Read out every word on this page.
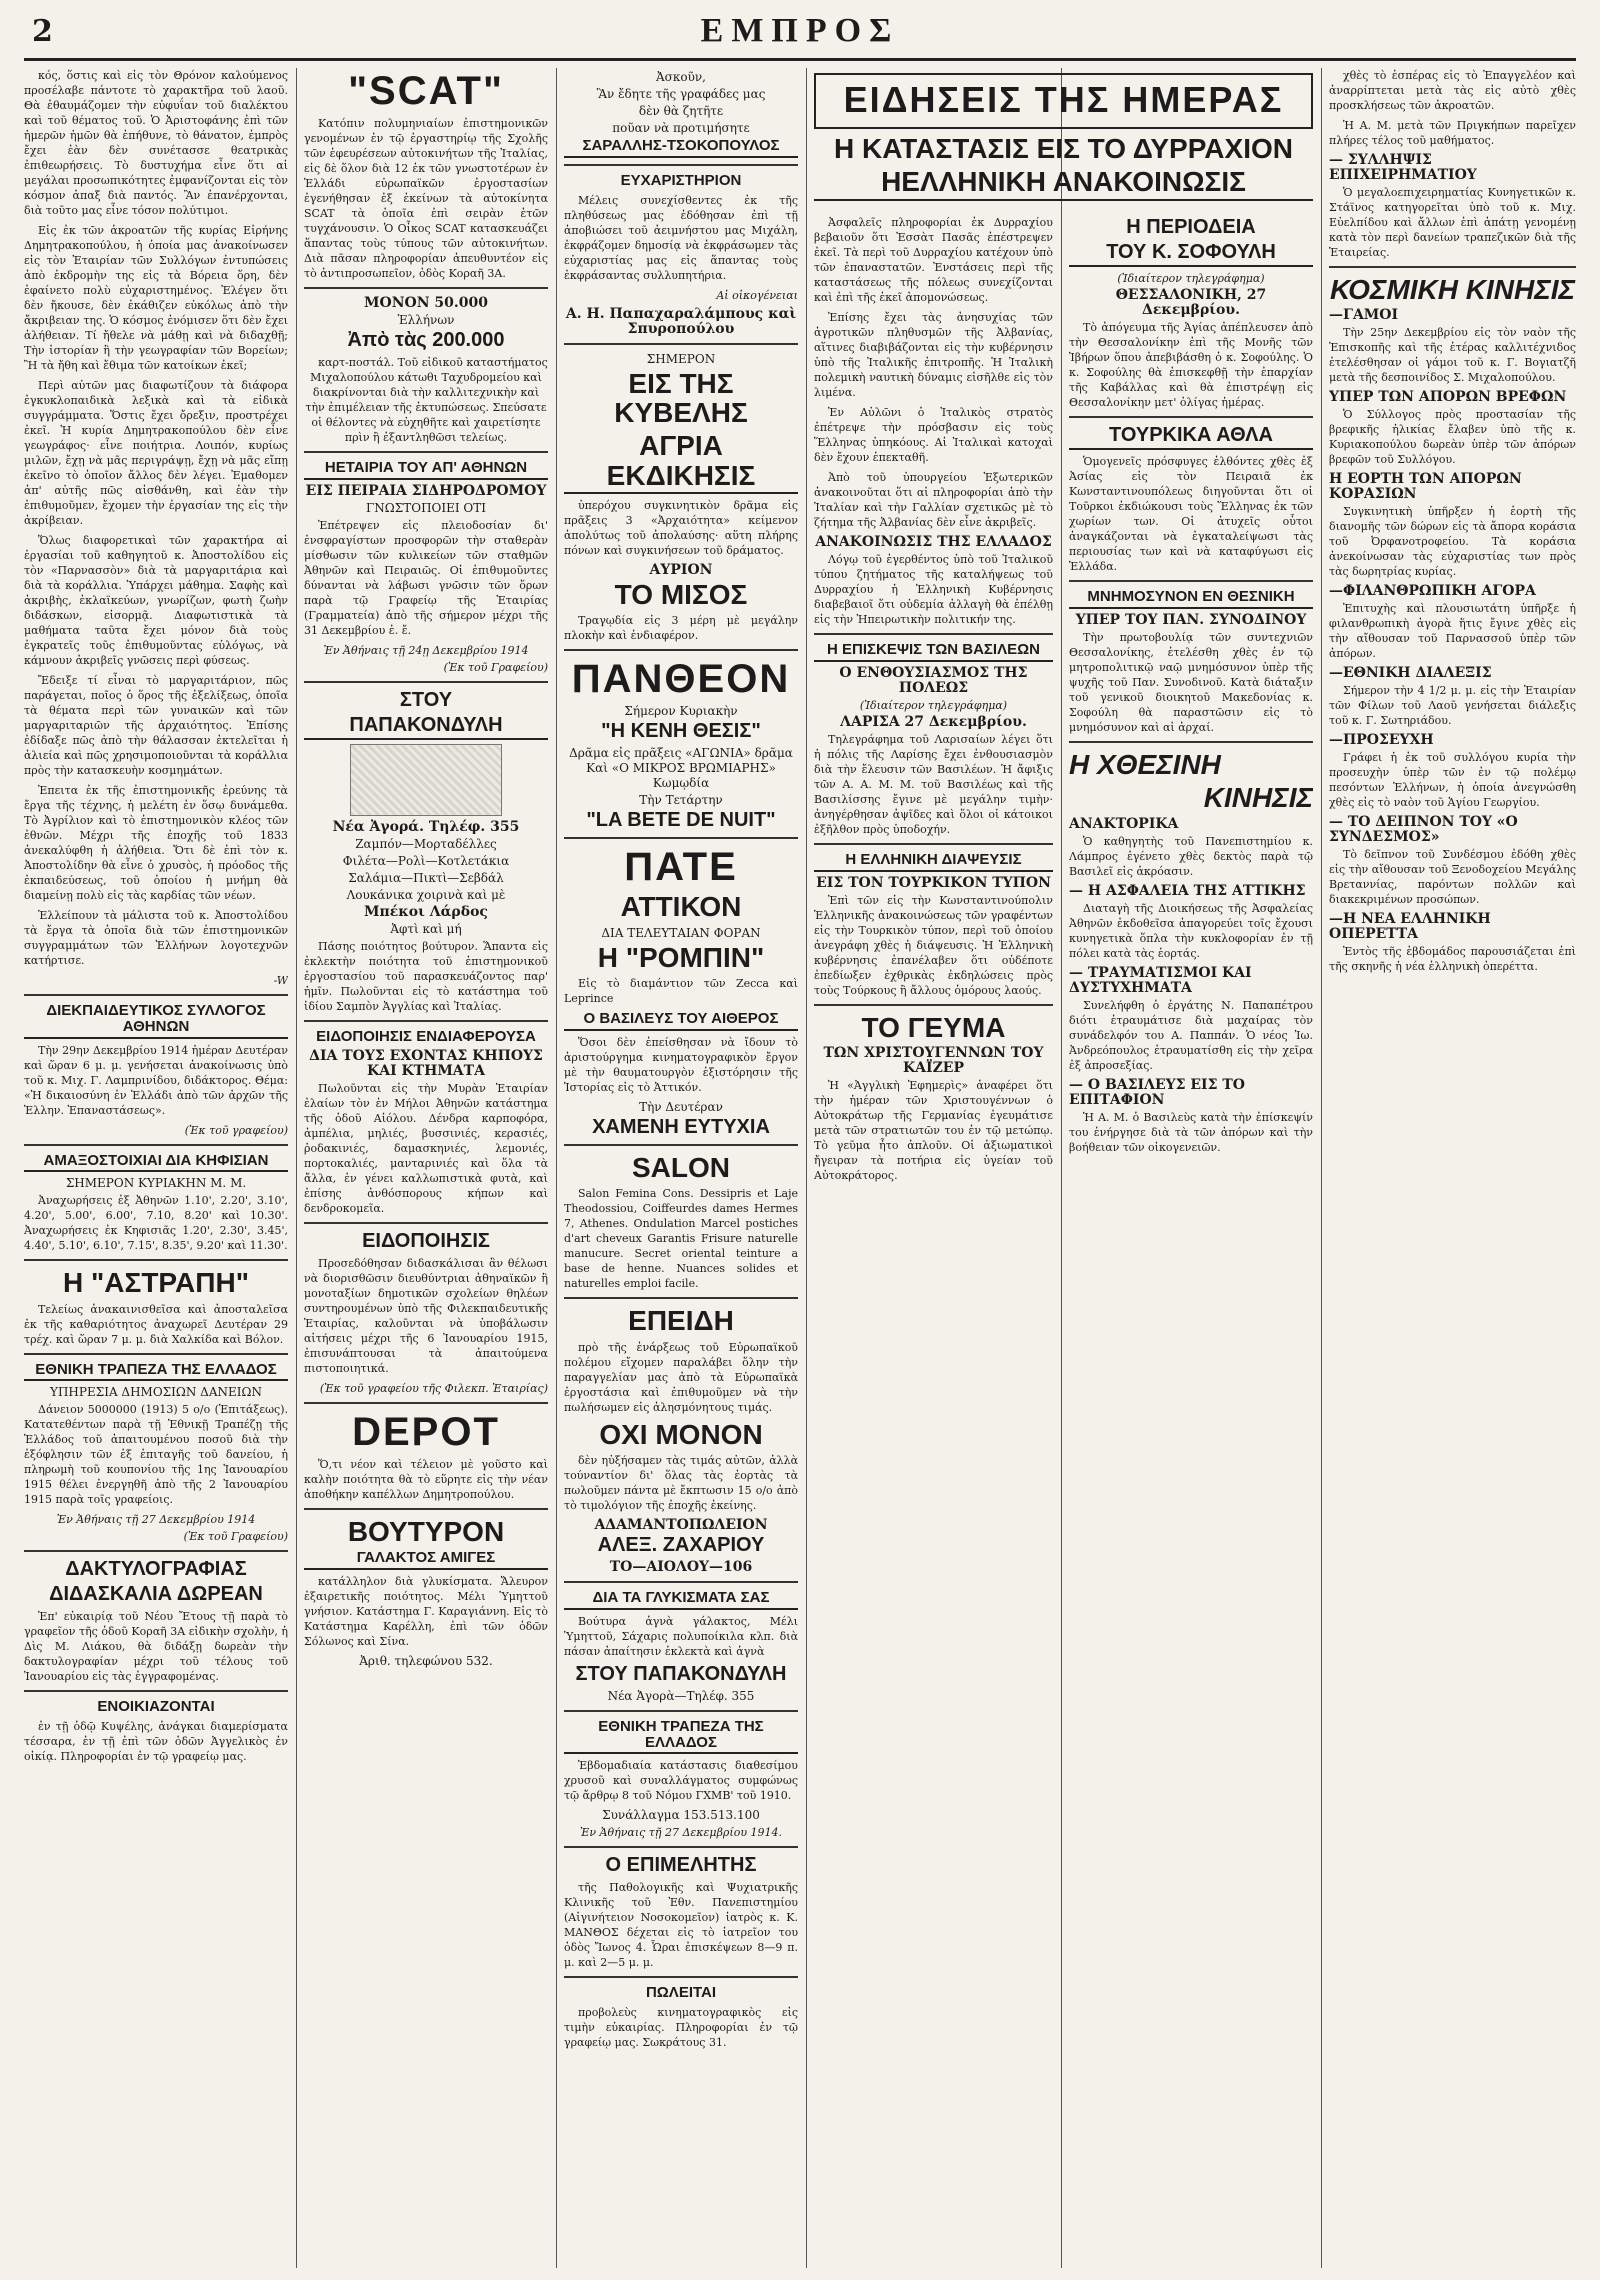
2	ΕΜΠΡΟΣ

κός, ὅστις καὶ εἰς τὸν Θρόνον καλούμενος προσέλαβε πάντοτε τὸ χαρακτῆρα τοῦ λαοῦ. Θὰ ἐθαυμάζομεν τὴν εὐφυΐαν τοῦ διαλέκτου καὶ τοῦ θέματος τοῦ. Ὁ Ἀριστοφάνης ἐπὶ τῶν ἡμερῶν ἡμῶν θὰ ἐπήθυνε, τὸ θάνατον, ἐμπρὸς ἔχει ἐὰν δὲν συνέτασσε θεατρικὰς ἐπιθεωρήσεις. Τὸ δυστυχήμα εἶνε ὅτι αἱ μεγάλαι προσωπικότητες ἐμφανίζονται εἰς τὸν κόσμον ἀπαξ διὰ παντός. Ἂν ἐπανέρχονται, διὰ τοῦτο μας εἶνε τόσον πολύτιμοι.

Εἰς ἐκ τῶν ἀκροατῶν τῆς κυρίας Εἰρήνης Δημητρακοπούλου, ἡ ὁποία μας ἀνακοίνωσεν εἰς τὸν Ἑταιρίαν τῶν Συλλόγων ἐντυπώσεις ἀπὸ ἐκδρομὴν της εἰς τὰ Βόρεια ὅρη, δὲν ἐφαίνετο πολὺ εὐχαριστημένος. Ἐλέγεν ὅτι δὲν ἤκουσε, δὲν ἐκάθιζεν εὐκόλως ἀπὸ τὴν ἄκριβειαν της. Ὁ κόσμος ἐνόμισεν ὅτι δὲν ἔχει ἀλήθειαν. Τί ἤθελε νὰ μάθῃ καὶ νὰ διδαχθῇ; Τὴν ἱστορίαν ἢ τὴν γεωγραφίαν τῶν Βορείων; Ἢ τὰ ἤθη καὶ ἔθιμα τῶν κατοίκων ἐκεῖ;

Περὶ αὐτῶν μας διαφωτίζουν τὰ διάφορα ἐγκυκλοπαιδικὰ λεξικὰ καὶ τὰ εἰδικὰ συγγράμματα. Ὅστις ἔχει ὄρεξιν, προστρέχει ἐκεῖ. Ἡ κυρία Δημητρακοπούλου δὲν εἶνε γεωγράφος· εἶνε ποιήτρια. Λοιπόν, κυρίως μιλῶν, ἔχῃ νὰ μᾶς περιγράψῃ, ἔχῃ νὰ μᾶς εἴπῃ ἐκεῖνο τὸ ὁποῖον ἄλλος δὲν λέγει. Ἐμαθομεν ἀπ' αὐτῆς πῶς αἰσθάνθη, καὶ ἐὰν τὴν ἐπιθυμοῦμεν, ἔχομεν τὴν ἐργασίαν της εἰς τὴν ἀκρίβειαν.

Ὅλως διαφορετικαὶ τῶν χαρακτήρα αἱ ἐργασίαι τοῦ καθηγητοῦ κ. Ἀποστολίδου εἰς τὸν «Παρνασσὸν» διὰ τὰ μαργαριτάρια καὶ διὰ τὰ κοράλλια. Ὑπάρχει μάθημα. Σαφὴς καὶ ἀκριβὴς, ἐκλαϊκεύων, γνωρίζων, φωτὴ ζωὴν διδάσκων, εἰσορμᾷ. Διαφωτιστικὰ τὰ μαθήματα ταῦτα ἔχει μόνον διὰ τοὺς ἐγκρατεῖς τοῦς ἐπιθυμοῦντας εὐλόγως, νὰ κάμνουν ἀκριβεῖς γνῶσεις περὶ φύσεως.

Ἔδειξε τί εἶναι τὸ μαργαριτάριον, πῶς παράγεται, ποῖος ὁ ὅρος τῆς ἐξελίξεως, ὁποῖα τὰ θέματα περὶ τῶν γυναικῶν καὶ τῶν μαργαριταριῶν τῆς ἀρχαιότητος. Ἐπίσης ἐδίδαξε πῶς ἀπὸ τὴν θάλασσαν ἐκτελεῖται ἡ ἀλιεία καὶ πῶς χρησιμοποιοῦνται τὰ κοράλλια πρὸς τὴν κατασκευὴν κοσμημάτων.

Ἐπειτα ἐκ τῆς ἐπιστημονικῆς ἐρεύνης τὰ ἔργα τῆς τέχνης, ἡ μελέτη ἐν ὅσῳ δυνάμεθα. Τὸ Ἀγρίλιον καὶ τὸ ἐπιστημονικὸν κλέος τῶν ἐθνῶν. Μέχρι τῆς ἐποχῆς τοῦ 1833 ἀνεκαλύφθη ἡ ἀλήθεια. Ὅτι δὲ ἐπὶ τὸν κ. Ἀποστολίδην θὰ εἶνε ὁ χρυσὸς, ἡ πρόοδος τῆς ἐκπαιδεύσεως, τοῦ ὁποίου ἡ μνήμη θὰ διαμείνῃ πολὺ εἰς τὰς καρδίας τῶν νέων.

Ἐλλείπουν τὰ μάλιστα τοῦ κ. Ἀποστολίδου τὰ ἔργα τὰ ὁποῖα διὰ τῶν ἐπιστημονικῶν συγγραμμάτων τῶν Ἑλλήνων λογοτεχνῶν κατήρτισε.

-W
ΔΙΕΚΠΑΙΔΕΥΤΙΚΟΣ ΣΥΛΛΟΓΟΣ ΑΘΗΝΩΝ

Τὴν 29ην Δεκεμβρίου 1914 ἡμέραν Δευτέραν καὶ ὥραν 6 μ. μ. γενήσεται ἀνακοίνωσις ὑπὸ τοῦ κ. Μιχ. Γ. Λαμπρινίδου, διδάκτορος. Θέμα: «Ἡ δικαιοσύνη ἐν Ἑλλάδι ἀπὸ τῶν ἀρχῶν τῆς Ἑλλην. Ἐπαναστάσεως».

(Ἐκ τοῦ γραφείου)
ΑΜΑΞΟΣΤΟΙΧΙΑΙ ΔΙΑ ΚΗΦΙΣΙΑΝ
ΣΗΜΕΡΟΝ ΚΥΡΙΑΚΗΝ Μ. Μ.

Ἀναχωρήσεις ἐξ Ἀθηνῶν 1.10', 2.20', 3.10', 4.20', 5.00', 6.00', 7.10, 8.20' καὶ 10.30'. Ἀναχωρήσεις ἐκ Κηφισιᾶς 1.20', 2.30', 3.45', 4.40', 5.10', 6.10', 7.15', 8.35', 9.20' καὶ 11.30'.

Η "ΑΣΤΡΑΠΗ"

Τελείως ἀνακαινισθεῖσα καὶ ἀποσταλεῖσα ἐκ τῆς καθαριότητος ἀναχωρεῖ Δευτέραν 29 τρέχ. καὶ ὥραν 7 μ. μ. διὰ Χαλκίδα καὶ Βόλον.

ΕΘΝΙΚΗ ΤΡΑΠΕΖΑ ΤΗΣ ΕΛΛΑΔΟΣ
ΥΠΗΡΕΣΙΑ ΔΗΜΟΣΙΩΝ ΔΑΝΕΙΩΝ

Δάνειον 5000000 (1913) 5 ο/ο (Ἐπιτάξεως). Κατατεθέντων παρὰ τῇ Ἐθνικῇ Τραπέζῃ τῆς Ἑλλάδος τοῦ ἀπαιτουμένου ποσοῦ διὰ τὴν ἐξόφλησιν τῶν ἐξ ἐπιταγῆς τοῦ δανείου, ἡ πληρωμὴ τοῦ κουπονίου τῆς 1ης Ἰανουαρίου 1915 θέλει ἐνεργηθῆ ἀπὸ τῆς 2 Ἰανουαρίου 1915 παρὰ τοῖς γραφείοις.

Ἐν Ἀθήναις τῇ 27 Δεκεμβρίου 1914
(Ἐκ τοῦ Γραφείου)
ΔΑΚΤΥΛΟΓΡΑΦΙΑΣ
ΔΙΔΑΣΚΑΛΙΑ ΔΩΡΕΑΝ

Ἐπ' εὐκαιρίᾳ τοῦ Νέου Ἔτους τῇ παρὰ τὸ γραφεῖον τῆς ὁδοῦ Κοραῆ 3Α εἰδικὴν σχολὴν, ἡ Δὶς Μ. Λιάκου, θὰ διδάξῃ δωρεὰν τὴν δακτυλογραφίαν μέχρι τοῦ τέλους τοῦ Ἰανουαρίου εἰς τὰς ἐγγραφομένας.

ΕΝΟΙΚΙΑΖΟΝΤΑΙ

ἐν τῇ ὁδῷ Κυψέλης, ἀνάγκαι διαμερίσματα τέσσαρα, ἐν τῇ ἐπὶ τῶν ὁδῶν Ἀγγελικὸς ἐν οἰκίᾳ. Πληροφορίαι ἐν τῷ γραφείῳ μας.

"SCAT"

Κατόπιν πολυμηνιαίων ἐπιστημονικῶν γενομένων ἐν τῷ ἐργαστηρίῳ τῆς Σχολῆς τῶν ἐφευρέσεων αὐτοκινήτων τῆς Ἰταλίας, εἰς δὲ ὅλον διὰ 12 ἐκ τῶν γνωστοτέρων ἐν Ἑλλάδι εὐρωπαϊκῶν ἐργοστασίων ἐγενήθησαν ἐξ ἐκείνων τὰ αὐτοκίνητα SCAT τὰ ὁποῖα ἐπὶ σειρὰν ἐτῶν τυγχάνουσιν. Ὁ Οἶκος SCAT κατασκευάζει ἅπαντας τοὺς τύπους τῶν αὐτοκινήτων. Διὰ πᾶσαν πληροφορίαν ἀπευθυντέον εἰς τὸ ἀντιπροσωπεῖον, ὁδὸς Κοραῆ 3Α.

ΜΟΝΟΝ 50.000
Ἑλλήνων
Ἀπὸ τὰς 200.000

καρτ-ποστάλ. Τοῦ εἰδικοῦ καταστήματος Μιχαλοπούλου κάτωθι Ταχυδρομείου καὶ διακρίνονται διὰ τὴν καλλιτεχνικὴν καὶ τὴν ἐπιμέλειαν τῆς ἐκτυπώσεως. Σπεύσατε οἱ θέλοντες νὰ εὐχηθῆτε καὶ χαιρετίσητε πρὶν ἢ ἐξαντληθῶσι τελείως.

ΗΕΤΑΙΡΙΑ ΤΟΥ ΑΠ' ΑΘΗΝΩΝ
ΕΙΣ ΠΕΙΡΑΙΑ ΣΙΔΗΡΟΔΡΟΜΟΥ
ΓΝΩΣΤΟΠΟΙΕΙ ΟΤΙ

Ἐπέτρεψεν εἰς πλειοδοσίαν δι' ἐνσφραγίστων προσφορῶν τὴν σταθερὰν μίσθωσιν τῶν κυλικείων τῶν σταθμῶν Ἀθηνῶν καὶ Πειραιῶς. Οἱ ἐπιθυμοῦντες δύνανται νὰ λάβωσι γνῶσιν τῶν ὅρων παρὰ τῷ Γραφείῳ τῆς Ἑταιρίας (Γραμματεία) ἀπὸ τῆς σήμερον μέχρι τῆς 31 Δεκεμβρίου ἐ. ἔ.

Ἐν Ἀθήναις τῇ 24ῃ Δεκεμβρίου 1914
(Ἐκ τοῦ Γραφείου)
ΣΤΟΥ
ΠΑΠΑΚΟΝΔΥΛΗ
Νέα Ἀγορά. Τηλέφ. 355
Ζαμπόν—Μορταδέλλες
Φιλέτα—Ρολὶ—Κοτλετάκια
Σαλάμια—Πικτὶ—Σεβδάλ
Λουκάνικα χοιρινὰ καὶ μὲ
Μπέκοι Λάρδος
Ἀφτὶ καὶ μή

Πάσης ποιότητος βούτυρον. Ἅπαντα εἰς ἐκλεκτὴν ποιότητα τοῦ ἐπιστημονικοῦ ἐργοστασίου τοῦ παρασκευάζοντος παρ' ἡμῖν. Πωλοῦνται εἰς τὸ κατάστημα τοῦ ἰδίου Σαμπὸν Ἀγγλίας καὶ Ἰταλίας.

ΕΙΔΟΠΟΙΗΣΙΣ ΕΝΔΙΑΦΕΡΟΥΣΑ
ΔΙΑ ΤΟΥΣ ΕΧΟΝΤΑΣ ΚΗΠΟΥΣ ΚΑΙ ΚΤΗΜΑΤΑ

Πωλοῦνται εἰς τὴν Μυρὰν Ἐταιρίαν ἐλαίων τὸν ἐν Μήλοι Ἀθηνῶν κατάστημα τῆς ὁδοῦ Αἰόλου. Δένδρα καρποφόρα, ἀμπέλια, μηλιές, βυσσινιές, κερασιές, ῥοδακινιές, δαμασκηνιές, λεμονιές, πορτοκαλιές, μανταρινιές καὶ ὅλα τὰ ἄλλα, ἐν γένει καλλωπιστικὰ φυτὰ, καὶ ἐπίσης ἀνθόσπορους κήπων καὶ δενδροκομεῖα.

ΕΙΔΟΠΟΙΗΣΙΣ

Προσεδόθησαν διδασκάλισαι ἂν θέλωσι νὰ διορισθῶσιν διευθύντριαι ἀθηναϊκῶν ἢ μονοταξίων δημοτικῶν σχολείων θηλέων συντηρουμένων ὑπὸ τῆς Φιλεκπαιδευτικῆς Ἑταιρίας, καλοῦνται νὰ ὑποβάλωσιν αἰτήσεις μέχρι τῆς 6 Ἰανουαρίου 1915, ἐπισυνάπτουσαι τὰ ἀπαιτούμενα πιστοποιητικά.

(Ἐκ τοῦ γραφείου τῆς Φιλεκπ. Ἑταιρίας)
DEPOT

Ὅ,τι νέον καὶ τέλειον μὲ γοῦστο καὶ καλὴν ποιότητα θὰ τὸ εὕρητε εἰς τὴν νέαν ἀποθήκην καπέλλων Δημητροπούλου.

ΒΟΥΤΥΡΟΝ
ΓΑΛΑΚΤΟΣ ΑΜΙΓΕΣ

κατάλληλον διὰ γλυκίσματα. Ἄλευρον ἐξαιρετικῆς ποιότητος. Μέλι Ὑμηττοῦ γνήσιον. Κατάστημα Γ. Καραγιάννη. Εἰς τὸ Κατάστημα Καρέλλη, ἐπὶ τῶν ὁδῶν Σόλωνος καὶ Σίνα.

Ἀριθ. τηλεφώνου 532.
Ἀσκοῦν,
Ἂν ἔδητε τῆς γραφάδες μας
δὲν θὰ ζητῆτε
ποῦαν νὰ προτιμήσητε
ΣΑΡΑΛΛΗΣ-ΤΣΟΚΟΠΟΥΛΟΣ
ΕΥΧΑΡΙΣΤΗΡΙΟΝ

Μέλεις συνεχίσθεντες ἐκ τῆς πληθύσεως μας ἐδόθησαν ἐπὶ τῇ ἀποβιώσει τοῦ ἀειμνήστου μας Μιχάλη, ἐκφράζομεν δημοσίᾳ νὰ ἐκφράσωμεν τὰς εὐχαριστίας μας εἰς ἅπαντας τοὺς ἐκφράσαντας συλλυπητήρια.

Αἱ οἰκογένειαι
Α. Η. Παπαχαραλάμπους καὶ Σπυροπούλου
ΣΗΜΕΡΟΝ
ΕΙΣ ΤΗΣ ΚΥΒΕΛΗΣ
ΑΓΡΙΑ ΕΚΔΙΚΗΣΙΣ

ὑπερόχου συγκινητικὸν δρᾶμα εἰς πρᾶξεις 3 «Ἀρχαιότητα» κείμενον ἀπολύτως τοῦ ἀπολαύσης· αὕτη πλήρης πόνων καὶ συγκινήσεων τοῦ δράματος.

ΑΥΡΙΟΝ
ΤΟ ΜΙΣΟΣ

Τραγῳδία εἰς 3 μέρη μὲ μεγάλην πλοκὴν καὶ ἐνδιαφέρον.

ΠΑΝΘΕΟΝ
Σήμερον Κυριακὴν
"Η ΚΕΝΗ ΘΕΣΙΣ"

Δρᾶμα εἰς πρᾶξεις «ΑΓΩΝΙΑ» δρᾶμα Καὶ «Ο ΜΙΚΡΟΣ ΒΡΩΜΙΑΡΗΣ» Κωμῳδία

Τὴν Τετάρτην
"LA BETE DE NUIT"
ΠΑΤΕ
ΑΤΤΙΚΟΝ
ΔΙΑ ΤΕΛΕΥΤΑΙΑΝ ΦΟΡΑΝ
Η "ΡΟΜΠΙΝ"

Εἰς τὸ διαμάντιον τῶν Zecca καὶ Leprince

Ο ΒΑΣΙΛΕΥΣ ΤΟΥ ΑΙΘΕΡΟΣ

Ὅσοι δὲν ἐπείσθησαν νὰ ἴδουν τὸ ἀριστούργημα κινηματογραφικὸν ἔργον μὲ τὴν θαυματουργὸν ἐξιστόρησιν τῆς Ἱστορίας εἰς τὸ Ἀττικόν.

Τὴν Δευτέραν
ΧΑΜΕΝΗ ΕΥΤΥΧΙΑ
SALON

Salon Femina Cons. Dessipris et Laje Theodossiou, Coiffeurdes dames Hermes 7, Athenes. Ondulation Marcel postiches d'art cheveux Garantis Frisure naturelle manucure. Secret oriental teinture a base de henne. Nuances solides et naturelles emploi facile.

ΕΠΕΙΔΗ

πρὸ τῆς ἐνάρξεως τοῦ Εὐρωπαϊκοῦ πολέμου εἴχομεν παραλάβει ὅλην τὴν παραγγελίαν μας ἀπὸ τὰ Εὐρωπαϊκὰ ἐργοστάσια καὶ ἐπιθυμοῦμεν νὰ τὴν πωλήσωμεν εἰς ἀλησμόνητους τιμάς.

ΟΧΙ ΜΟΝΟΝ

δὲν ηὐξήσαμεν τὰς τιμάς αὐτῶν, ἀλλὰ τούναντίον δι' ὅλας τὰς ἐορτὰς τὰ πωλοῦμεν πάντα μὲ ἔκπτωσιν 15 ο/ο ἀπὸ τὸ τιμολόγιον τῆς ἐποχῆς ἐκείνης.

ΑΔΑΜΑΝΤΟΠΩΛΕΙΟΝ
ΑΛΕΞ. ΖΑΧΑΡΙΟΥ
ΤΟ—ΑΙΟΛΟΥ—106
ΔΙΑ ΤΑ ΓΛΥΚΙΣΜΑΤΑ ΣΑΣ

Βούτυρα ἁγνὰ γάλακτος, Μέλι Ὑμηττοῦ, Σάχαρις πολυποίκιλα κλπ. διὰ πάσαν ἀπαίτησιν ἐκλεκτὰ καὶ ἁγνὰ

ΣΤΟΥ ΠΑΠΑΚΟΝΔΥΛΗ
Νέα Ἀγορὰ—Τηλέφ. 355
ΕΘΝΙΚΗ ΤΡΑΠΕΖΑ ΤΗΣ ΕΛΛΑΔΟΣ

Ἑβδομαδιαία κατάστασις διαθεσίμου χρυσοῦ καὶ συναλλάγματος συμφώνως τῷ ἄρθρῳ 8 τοῦ Νόμου ΓΧΜΒ' τοῦ 1910.

Συνάλλαγμα 153.513.100
Ἐν Ἀθήναις τῇ 27 Δεκεμβρίου 1914.
Ο ΕΠΙΜΕΛΗΤΗΣ

τῆς Παθολογικῆς καὶ Ψυχιατρικῆς Κλινικῆς τοῦ Ἐθν. Πανεπιστημίου (Αἰγινήτειον Νοσοκομεῖον) ἰατρὸς κ. Κ. ΜΑΝΘΟΣ δέχεται εἰς τὸ ἰατρεῖον του ὁδὸς Ἴωνος 4. Ὧραι ἐπισκέψεων 8—9 π. μ. καὶ 2—5 μ. μ.

ΠΩΛΕΙΤΑΙ

προβολεὺς κινηματογραφικὸς εἰς τιμὴν εὐκαιρίας. Πληροφορίαι ἐν τῷ γραφείῳ μας. Σωκράτους 31.

ΕΙΔΗΣΕΙΣ ΤΗΣ ΗΜΕΡΑΣ
Η ΚΑΤΑΣΤΑΣΙΣ ΕΙΣ ΤΟ ΔΥΡΡΑΧΙΟΝ
ΗΕΛΛΗΝΙΚΗ ΑΝΑΚΟΙΝΩΣΙΣ

Ἀσφαλεῖς πληροφορίαι ἐκ Δυρραχίου βεβαιοῦν ὅτι Ἐσσὰτ Πασᾶς ἐπέστρεψεν ἐκεῖ. Τὰ περὶ τοῦ Δυρραχίου κατέχουν ὑπὸ τῶν ἐπαναστατῶν. Ἐνστάσεις περὶ τῆς καταστάσεως τῆς πόλεως συνεχίζονται καὶ ἐπὶ τῆς ἐκεῖ ἀπομονώσεως.

Ἐπίσης ἔχει τὰς ἀνησυχίας τῶν ἀγροτικῶν πληθυσμῶν τῆς Ἀλβανίας, αἵτινες διαβιβάζονται εἰς τὴν κυβέρνησιν ὑπὸ τῆς Ἰταλικῆς ἐπιτροπῆς. Ἡ Ἰταλικὴ πολεμικὴ ναυτικὴ δύναμις εἰσῆλθε εἰς τὸν λιμένα.

Ἐν Αὐλῶνι ὁ Ἰταλικὸς στρατὸς ἐπέτρεψε τὴν πρόσβασιν εἰς τοὺς Ἕλληνας ὑπηκόους. Αἱ Ἰταλικαὶ κατοχαὶ δὲν ἔχουν ἐπεκταθῆ.

Ἀπὸ τοῦ ὑπουργείου Ἐξωτερικῶν ἀνακοινοῦται ὅτι αἱ πληροφορίαι ἀπὸ τὴν Ἰταλίαν καὶ τὴν Γαλλίαν σχετικῶς μὲ τὸ ζήτημα τῆς Ἀλβανίας δὲν εἶνε ἀκριβεῖς.

ΑΝΑΚΟΙΝΩΣΙΣ ΤΗΣ ΕΛΛΑΔΟΣ

Λόγῳ τοῦ ἐγερθέντος ὑπὸ τοῦ Ἰταλικοῦ τύπου ζητήματος τῆς καταλήψεως τοῦ Δυρραχίου ἡ Ἑλληνικὴ Κυβέρνησις διαβεβαιοῖ ὅτι οὐδεμία ἀλλαγὴ θὰ ἐπέλθῃ εἰς τὴν Ἠπειρωτικὴν πολιτικήν της.

Η ΕΠΙΣΚΕΨΙΣ ΤΩΝ ΒΑΣΙΛΕΩΝ
Ο ΕΝΘΟΥΣΙΑΣΜΟΣ ΤΗΣ ΠΟΛΕΩΣ
(Ἰδιαίτερον τηλεγράφημα)
ΛΑΡΙΣΑ 27 Δεκεμβρίου.

Τηλεγράφημα τοῦ Λαρισαίων λέγει ὅτι ἡ πόλις τῆς Λαρίσης ἔχει ἐνθουσιασμὸν διὰ τὴν ἔλευσιν τῶν Βασιλέων. Ἡ ἄφιξις τῶν Α. Α. Μ. Μ. τοῦ Βασιλέως καὶ τῆς Βασιλίσσης ἔγινε μὲ μεγάλην τιμὴν· ἀνηγέρθησαν ἁψῖδες καὶ ὅλοι οἱ κάτοικοι ἐξῆλθον πρὸς ὑποδοχήν.

Η ΕΛΛΗΝΙΚΗ ΔΙΑΨΕΥΣΙΣ
ΕΙΣ ΤΟΝ ΤΟΥΡΚΙΚΟΝ ΤΥΠΟΝ

Ἐπὶ τῶν εἰς τὴν Κωνσταντινούπολιν Ἑλληνικῆς ἀνακοινώσεως τῶν γραφέντων εἰς τὴν Τουρκικὸν τύπον, περὶ τοῦ ὁποίου ἀνεγράφη χθὲς ἡ διάψευσις. Ἡ Ἑλληνικὴ κυβέρνησις ἐπανέλαβεν ὅτι οὐδέποτε ἐπεδίωξεν ἐχθρικὰς ἐκδηλώσεις πρὸς τοὺς Τούρκους ἢ ἄλλους ὁμόρους λαούς.

ΤΟ ΓΕΥΜΑ
ΤΩΝ ΧΡΙΣΤΟΥΓΕΝΝΩΝ ΤΟΥ ΚΑΪΖΕΡ

Ἡ «Ἀγγλικὴ Ἐφημερὶς» ἀναφέρει ὅτι τὴν ἡμέραν τῶν Χριστουγέννων ὁ Αὐτοκράτωρ τῆς Γερμανίας ἐγευμάτισε μετὰ τῶν στρατιωτῶν του ἐν τῷ μετώπῳ. Τὸ γεῦμα ἦτο ἁπλοῦν. Οἱ ἀξιωματικοὶ ἤγειραν τὰ ποτήρια εἰς ὑγείαν τοῦ Αὐτοκράτορος.

Η ΠΕΡΙΟΔΕΙΑ
ΤΟΥ Κ. ΣΟΦΟΥΛΗ
(Ἰδιαίτερον τηλεγράφημα)
ΘΕΣΣΑΛΟΝΙΚΗ, 27 Δεκεμβρίου.

Τὸ ἀπόγευμα τῆς Ἀγίας ἀπέπλευσεν ἀπὸ τὴν Θεσσαλονίκην ἐπὶ τῆς Μονῆς τῶν Ἰβήρων ὅπου ἀπεβιβάσθη ὁ κ. Σοφούλης. Ὁ κ. Σοφούλης θὰ ἐπισκεφθῇ τὴν ἐπαρχίαν τῆς Καβάλλας καὶ θὰ ἐπιστρέψῃ εἰς Θεσσαλονίκην μετ' ὀλίγας ἡμέρας.

ΤΟΥΡΚΙΚΑ ΑΘΛΑ

Ὁμογενεῖς πρόσφυγες ἐλθόντες χθὲς ἐξ Ἀσίας εἰς τὸν Πειραιᾶ ἐκ Κωνσταντινουπόλεως διηγοῦνται ὅτι οἱ Τοῦρκοι ἐκδιώκουσι τοὺς Ἕλληνας ἐκ τῶν χωρίων των. Οἱ ἀτυχεῖς οὗτοι ἀναγκάζονται νὰ ἐγκαταλείψωσι τὰς περιουσίας των καὶ νὰ καταφύγωσι εἰς Ἑλλάδα.

ΜΝΗΜΟΣΥΝΟΝ ΕΝ ΘΕΣΝΙΚΗ
ΥΠΕΡ ΤΟΥ ΠΑΝ. ΣΥΝΟΔΙΝΟΥ

Τὴν πρωτοβουλίᾳ τῶν συντεχνιῶν Θεσσαλονίκης, ἐτελέσθη χθὲς ἐν τῷ μητροπολιτικῷ ναῷ μνημόσυνον ὑπὲρ τῆς ψυχῆς τοῦ Παν. Συνοδινοῦ. Κατὰ διάταξιν τοῦ γενικοῦ διοικητοῦ Μακεδονίας κ. Σοφούλη θὰ παραστῶσιν εἰς τὸ μνημόσυνον καὶ αἱ ἀρχαί.

Η ΧΘΕΣΙΝΗ
ΚΙΝΗΣΙΣ
ΑΝΑΚΤΟΡΙΚΑ

Ὁ καθηγητὴς τοῦ Πανεπιστημίου κ. Λάμπρος ἐγένετο χθὲς δεκτὸς παρὰ τῷ Βασιλεῖ εἰς ἀκρόασιν.

— Η ΑΣΦΑΛΕΙΑ ΤΗΣ ΑΤΤΙΚΗΣ

Διαταγὴ τῆς Διοικήσεως τῆς Ἀσφαλείας Ἀθηνῶν ἐκδοθεῖσα ἀπαγορεύει τοῖς ἔχουσι κυνηγετικὰ ὅπλα τὴν κυκλοφορίαν ἐν τῇ πόλει κατὰ τὰς ἑορτάς.

— ΤΡΑΥΜΑΤΙΣΜΟΙ ΚΑΙ ΔΥΣΤΥΧΗΜΑΤΑ

Συνελήφθη ὁ ἐργάτης Ν. Παπαπέτρου διότι ἐτραυμάτισε διὰ μαχαίρας τὸν συνάδελφόν του Α. Παππάν. Ὁ νέος Ἰω. Ἀνδρεόπουλος ἐτραυματίσθη εἰς τὴν χεῖρα ἐξ ἀπροσεξίας.

— Ο ΒΑΣΙΛΕΥΣ ΕΙΣ ΤΟ ΕΠΙΤΑΦΙΟΝ

Ἡ Α. Μ. ὁ Βασιλεὺς κατὰ τὴν ἐπίσκεψίν του ἐνήργησε διὰ τὰ τῶν ἀπόρων καὶ τὴν βοήθειαν τῶν οἰκογενειῶν.

χθὲς τὸ ἐσπέρας εἰς τὸ Ἐπαγγελέον καὶ ἀναρρίπτεται μετὰ τὰς εἰς αὐτὸ χθὲς προσκλήσεως τῶν ἀκροατῶν.

Ἡ Α. Μ. μετὰ τῶν Πριγκήπων παρεῖχεν πλήρες τέλος τοῦ μαθήματος.

— ΣΥΛΛΗΨΙΣ ΕΠΙΧΕΙΡΗΜΑΤΙΟΥ

Ὁ μεγαλοεπιχειρηματίας Κυνηγετικῶν κ. Στάϊνος κατηγορεῖται ὑπὸ τοῦ κ. Μιχ. Εὐελπίδου καὶ ἄλλων ἐπὶ ἀπάτῃ γενομένῃ κατὰ τὸν περὶ δανείων τραπεζικῶν διὰ τῆς Ἑταιρείας.

ΚΟΣΜΙΚΗ ΚΙΝΗΣΙΣ
—ΓΑΜΟΙ

Τὴν 25ην Δεκεμβρίου εἰς τὸν ναὸν τῆς Ἐπισκοπῆς καὶ τῆς ἑτέρας καλλιτέχνιδος ἐτελέσθησαν οἱ γάμοι τοῦ κ. Γ. Βογιατζῆ μετὰ τῆς δεσποινίδος Σ. Μιχαλοπούλου.

ΥΠΕΡ ΤΩΝ ΑΠΟΡΩΝ ΒΡΕΦΩΝ

Ὁ Σύλλογος πρὸς προστασίαν τῆς βρεφικῆς ἡλικίας ἔλαβεν ὑπὸ τῆς κ. Κυριακοπούλου δωρεὰν ὑπὲρ τῶν ἀπόρων βρεφῶν τοῦ Συλλόγου.

Η ΕΟΡΤΗ ΤΩΝ ΑΠΟΡΩΝ ΚΟΡΑΣΙΩΝ

Συγκινητικὴ ὑπῆρξεν ἡ ἑορτὴ τῆς διανομῆς τῶν δώρων εἰς τὰ ἄπορα κοράσια τοῦ Ὀρφανοτροφείου. Τὰ κοράσια ἀνεκοίνωσαν τὰς εὐχαριστίας των πρὸς τὰς δωρητρίας κυρίας.

—ΦΙΛΑΝΘΡΩΠΙΚΗ ΑΓΟΡΑ

Ἐπιτυχὴς καὶ πλουσιωτάτη ὑπῆρξε ἡ φιλανθρωπικὴ ἀγορὰ ἥτις ἔγινε χθὲς εἰς τὴν αἴθουσαν τοῦ Παρνασσοῦ ὑπὲρ τῶν ἀπόρων.

—ΕΘΝΙΚΗ ΔΙΑΛΕΞΙΣ

Σήμερον τὴν 4 1/2 μ. μ. εἰς τὴν Ἑταιρίαν τῶν Φίλων τοῦ Λαοῦ γενήσεται διάλεξις τοῦ κ. Γ. Σωτηριάδου.

—ΠΡΟΣΕΥΧΗ

Γράφει ἡ ἐκ τοῦ συλλόγου κυρία τὴν προσευχὴν ὑπὲρ τῶν ἐν τῷ πολέμῳ πεσόντων Ἑλλήνων, ἡ ὁποία ἀνεγνώσθη χθὲς εἰς τὸ ναὸν τοῦ Ἁγίου Γεωργίου.

— ΤΟ ΔΕΙΠΝΟΝ ΤΟΥ «Ο ΣΥΝΔΕΣΜΟΣ»

Τὸ δεῖπνον τοῦ Συνδέσμου ἐδόθη χθὲς εἰς τὴν αἴθουσαν τοῦ Ξενοδοχείου Μεγάλης Βρεταννίας, παρόντων πολλῶν καὶ διακεκριμένων προσώπων.

—Η ΝΕΑ ΕΛΛΗΝΙΚΗ ΟΠΕΡΕΤΤΑ

Ἐντὸς τῆς ἑβδομάδος παρουσιάζεται ἐπὶ τῆς σκηνῆς ἡ νέα ἑλληνικὴ ὀπερέττα.
